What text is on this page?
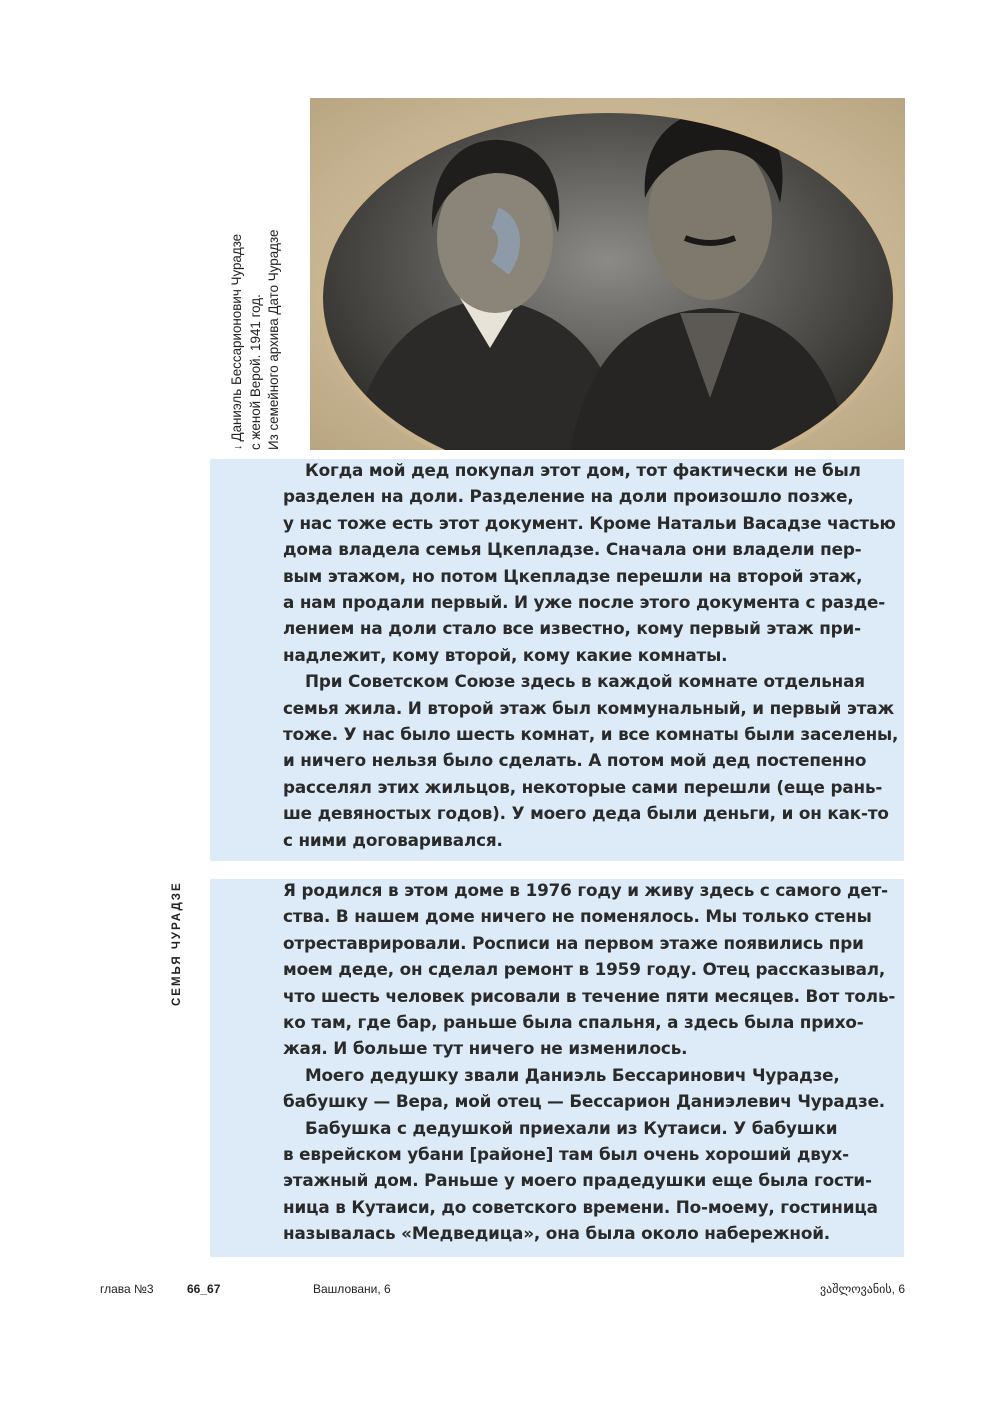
↓Даниэль Бессарионович Чурадзе с женой Верой. 1941 год. Из семейного архива Дато Чурадзе
Когда мой дед покупал этот дом, тот фактически не был
разделен на доли. Разделение на доли произошло позже,
у нас тоже есть этот документ. Кроме Натальи Васадзе частью
дома владела семья Цкепладзе. Сначала они владели пер-
вым этажом, но потом Цкепладзе перешли на второй этаж,
а нам продали первый. И уже после этого документа с разде-
лением на доли стало все известно, кому первый этаж при-
надлежит, кому второй, кому какие комнаты.
При Советском Союзе здесь в каждой комнате отдельная
семья жила. И второй этаж был коммунальный, и первый этаж
тоже. У нас было шесть комнат, и все комнаты были заселены,
и ничего нельзя было сделать. А потом мой дед постепенно
расселял этих жильцов, некоторые сами перешли (еще рань-
ше девяностых годов). У моего деда были деньги, и он как-то
с ними договаривался.
Я родился в этом доме в 1976 году и живу здесь с самого дет-
ства. В нашем доме ничего не поменялось. Мы только стены
отреставрировали. Росписи на первом этаже появились при
моем деде, он сделал ремонт в 1959 году. Отец рассказывал,
что шесть человек рисовали в течение пяти месяцев. Вот толь-
ко там, где бар, раньше была спальня, а здесь была прихо-
жая. И больше тут ничего не изменилось.
Моего дедушку звали Даниэль Бессаринович Чурадзе,
бабушку — Вера, мой отец — Бессарион Даниэлевич Чурадзе.
Бабушка с дедушкой приехали из Кутаиси. У бабушки
в еврейском убани [районе] там был очень хороший двух-
этажный дом. Раньше у моего прадедушки еще была гости-
ница в Кутаиси, до советского времени. По-моему, гостиница
называлась «Медведица», она была около набережной.
СЕМЬЯ ЧУРАДЗЕ
глава №3	66_67	Вашловани, 6	ვაშლოვანის, 6
